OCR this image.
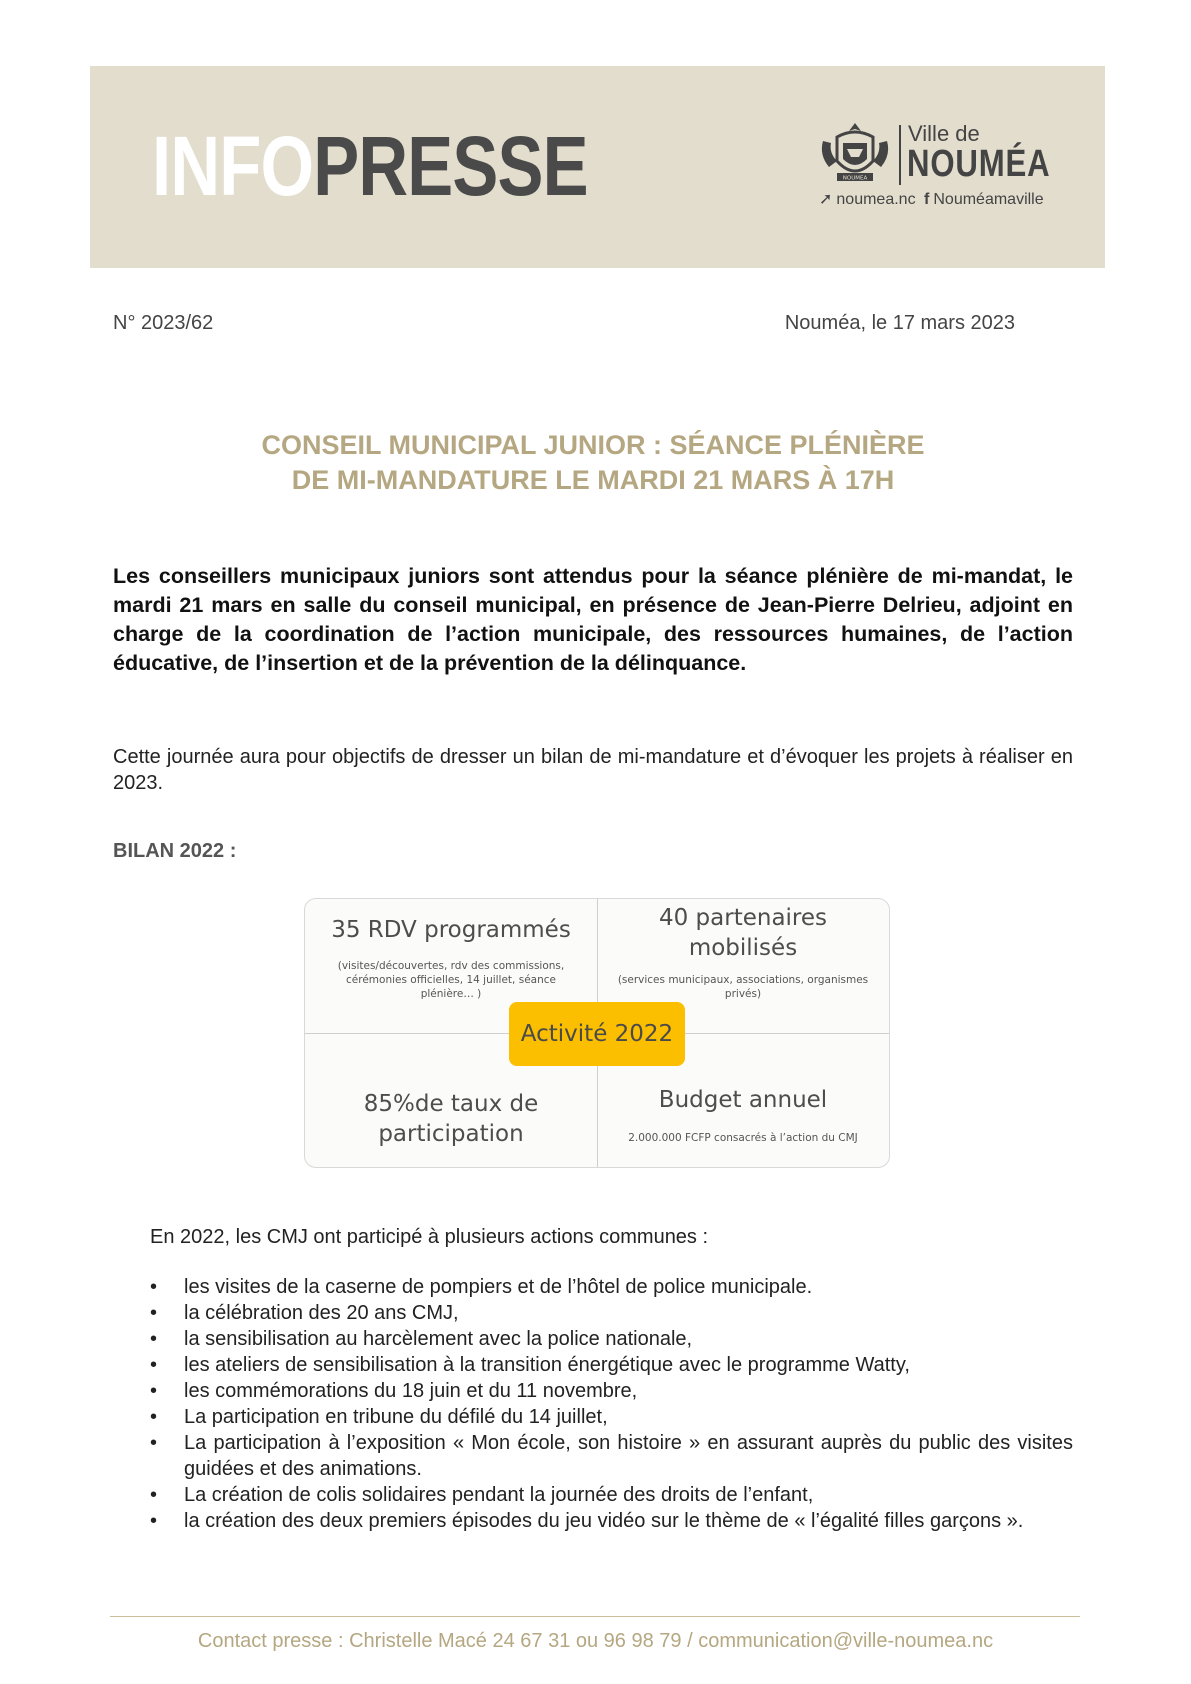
INFOPRESSE	NOUMEA
Ville de
NOUMÉA
➚ noumea.nc f Nouméamaville
N° 2023/62	Nouméa, le 17 mars 2023
CONSEIL MUNICIPAL JUNIOR : SÉANCE PLÉNIÈRE
DE MI-MANDATURE LE MARDI 21 MARS À 17H
Les conseillers municipaux juniors sont attendus pour la séance plénière de mi-mandat, le mardi 21 mars en salle du conseil municipal, en présence de Jean-Pierre Delrieu, adjoint en charge de la coordination de l’action municipale, des ressources humaines, de l’action éducative, de l’insertion et de la prévention de la délinquance.
Cette journée aura pour objectifs de dresser un bilan de mi-mandature et d’évoquer les projets à réaliser en 2023.
BILAN 2022 :
35 RDV programmés
(visites/découvertes, rdv des commissions, cérémonies officielles, 14 juillet, séance plénière… )
40 partenaires mobilisés
(services municipaux, associations, organismes privés)
Activité 2022
85%de taux de participation
Budget annuel
2.000.000 FCFP consacrés à l’action du CMJ
En 2022, les CMJ ont participé à plusieurs actions communes :
• les visites de la caserne de pompiers et de l’hôtel de police municipale.
• la célébration des 20 ans CMJ,
• la sensibilisation au harcèlement avec la police nationale,
• les ateliers de sensibilisation à la transition énergétique avec le programme Watty,
• les commémorations du 18 juin et du 11 novembre,
• La participation en tribune du défilé du 14 juillet,
• La participation à l’exposition « Mon école, son histoire » en assurant auprès du public des visites guidées et des animations.
• La création de colis solidaires pendant la journée des droits de l’enfant,
• la création des deux premiers épisodes du jeu vidéo sur le thème de « l’égalité filles garçons ».
Contact presse : Christelle Macé 24 67 31 ou 96 98 79 / communication@ville-noumea.nc
